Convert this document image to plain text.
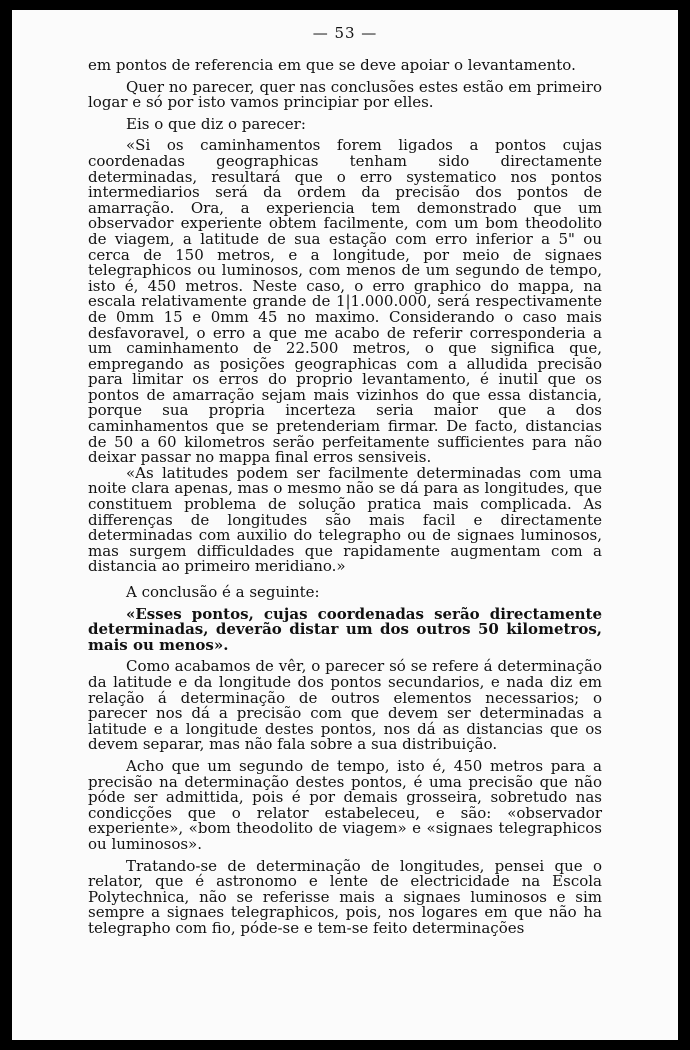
— 53 —

em pontos de referencia em que se deve apoiar o levantamento.

Quer no parecer, quer nas conclusões estes estão em primeiro logar e só por isto vamos principiar por elles.

Eis o que diz o parecer:

«Si os caminhamentos forem ligados a pontos cujas coordenadas geographicas tenham sido directamente determinadas, resultará que o erro systematico nos pontos intermediarios será da ordem da precisão dos pontos de amarração. Ora, a experiencia tem demonstrado que um observador experiente obtem facilmente, com um bom theodolito de viagem, a latitude de sua estação com erro inferior a 5" ou cerca de 150 metros, e a longitude, por meio de signaes telegraphicos ou luminosos, com menos de um segundo de tempo, isto é, 450 metros. Neste caso, o erro graphico do mappa, na escala relativamente grande de 1|1.000.000, será respectivamente de 0mm 15 e 0mm 45 no maximo. Considerando o caso mais desfavoravel, o erro a que me acabo de referir corresponderia a um caminhamento de 22.500 metros, o que significa que, empregando as posições geographicas com a alludida precisão para limitar os erros do proprio levantamento, é inutil que os pontos de amarração sejam mais vizinhos do que essa distancia, porque sua propria incerteza seria maior que a dos caminhamentos que se pretenderiam firmar. De facto, distancias de 50 a 60 kilometros serão perfeitamente sufficientes para não deixar passar no mappa final erros sensiveis.

«As latitudes podem ser facilmente determinadas com uma noite clara apenas, mas o mesmo não se dá para as longitudes, que constituem problema de solução pratica mais complicada. As differenças de longitudes são mais facil e directamente determinadas com auxilio do telegrapho ou de signaes luminosos, mas surgem difficuldades que rapidamente augmentam com a distancia ao primeiro meridiano.»

A conclusão é a seguinte:

«Esses pontos, cujas coordenadas serão directamente determinadas, deverão distar um dos outros 50 kilometros, mais ou menos».

Como acabamos de vêr, o parecer só se refere á determinação da latitude e da longitude dos pontos secundarios, e nada diz em relação á determinação de outros elementos necessarios; o parecer nos dá a precisão com que devem ser determinadas a latitude e a longitude destes pontos, nos dá as distancias que os devem separar, mas não fala sobre a sua distribuição.

Acho que um segundo de tempo, isto é, 450 metros para a precisão na determinação destes pontos, é uma precisão que não póde ser admittida, pois é por demais grosseira, sobretudo nas condicções que o relator estabeleceu, e são: «observador experiente», «bom theodolito de viagem» e «signaes telegraphicos ou luminosos».

Tratando-se de determinação de longitudes, pensei que o relator, que é astronomo e lente de electricidade na Escola Polytechnica, não se referisse mais a signaes luminosos e sim sempre a signaes telegraphicos, pois, nos logares em que não ha telegrapho com fio, póde-se e tem-se feito determinações
